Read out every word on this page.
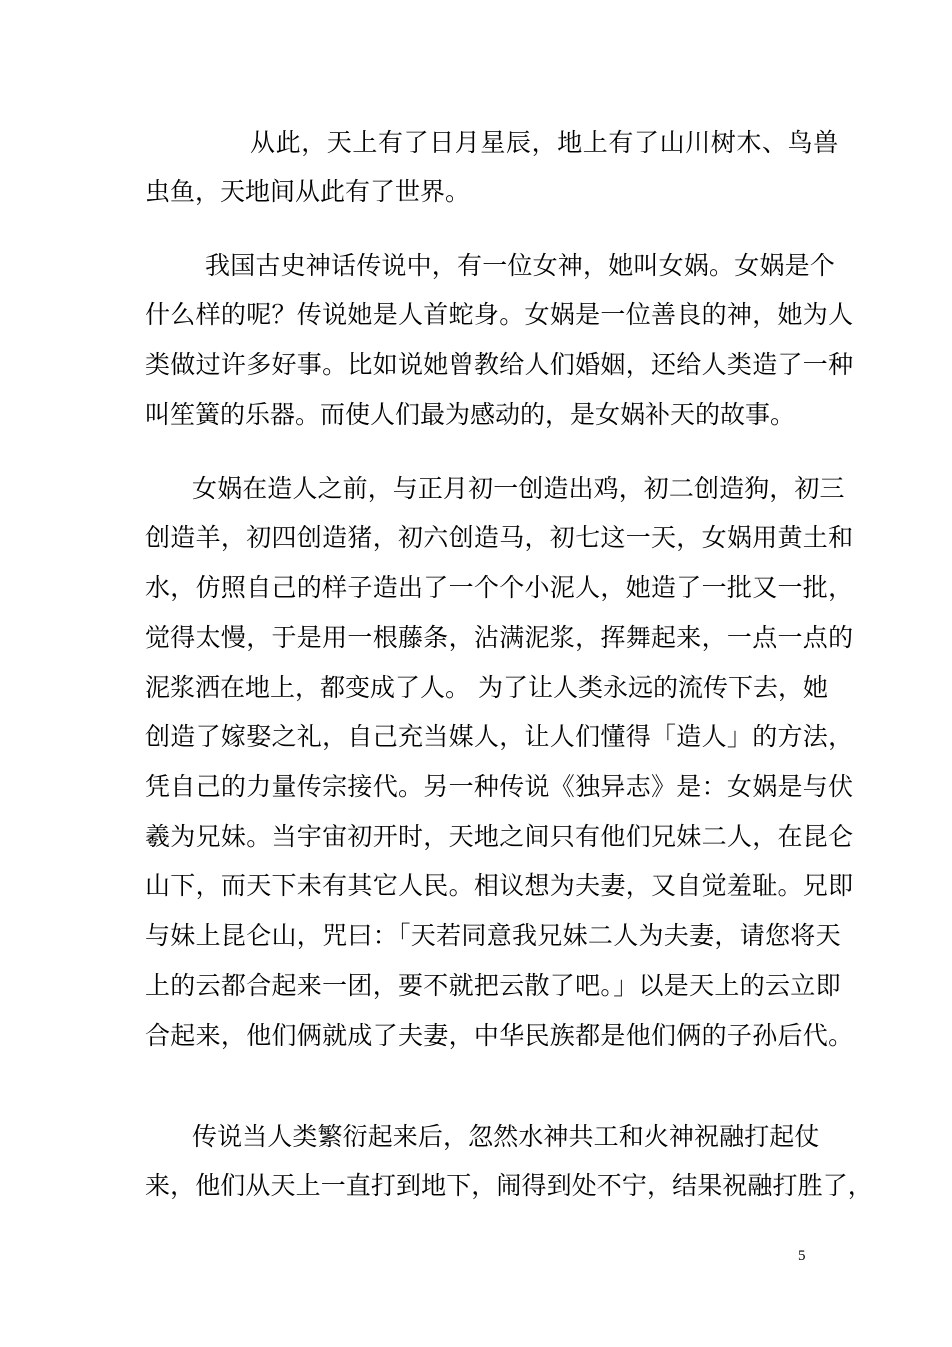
从此，天上有了日月星辰，地上有了山川树木、鸟兽
虫鱼，天地间从此有了世界。
我国古史神话传说中，有一位女神，她叫女娲。女娲是个
什么样的呢？传说她是人首蛇身。女娲是一位善良的神，她为人
类做过许多好事。比如说她曾教给人们婚姻，还给人类造了一种
叫笙簧的乐器。而使人们最为感动的，是女娲补天的故事。
女娲在造人之前，与正月初一创造出鸡，初二创造狗，初三
创造羊，初四创造猪，初六创造马，初七这一天，女娲用黄土和
水，仿照自己的样子造出了一个个小泥人，她造了一批又一批，
觉得太慢，于是用一根藤条，沾满泥浆，挥舞起来，一点一点的
泥浆洒在地上，都变成了人。 为了让人类永远的流传下去，她
创造了嫁娶之礼，自己充当媒人，让人们懂得「造人」的方法，
凭自己的力量传宗接代。另一种传说《独异志》是：女娲是与伏
羲为兄妹。当宇宙初开时，天地之间只有他们兄妹二人，在昆仑
山下，而天下未有其它人民。相议想为夫妻，又自觉羞耻。兄即
与妹上昆仑山，咒曰：「天若同意我兄妹二人为夫妻，请您将天
上的云都合起来一团，要不就把云散了吧。」以是天上的云立即
合起来，他们俩就成了夫妻，中华民族都是他们俩的子孙后代。
传说当人类繁衍起来后，忽然水神共工和火神祝融打起仗
来，他们从天上一直打到地下，闹得到处不宁，结果祝融打胜了，
5
